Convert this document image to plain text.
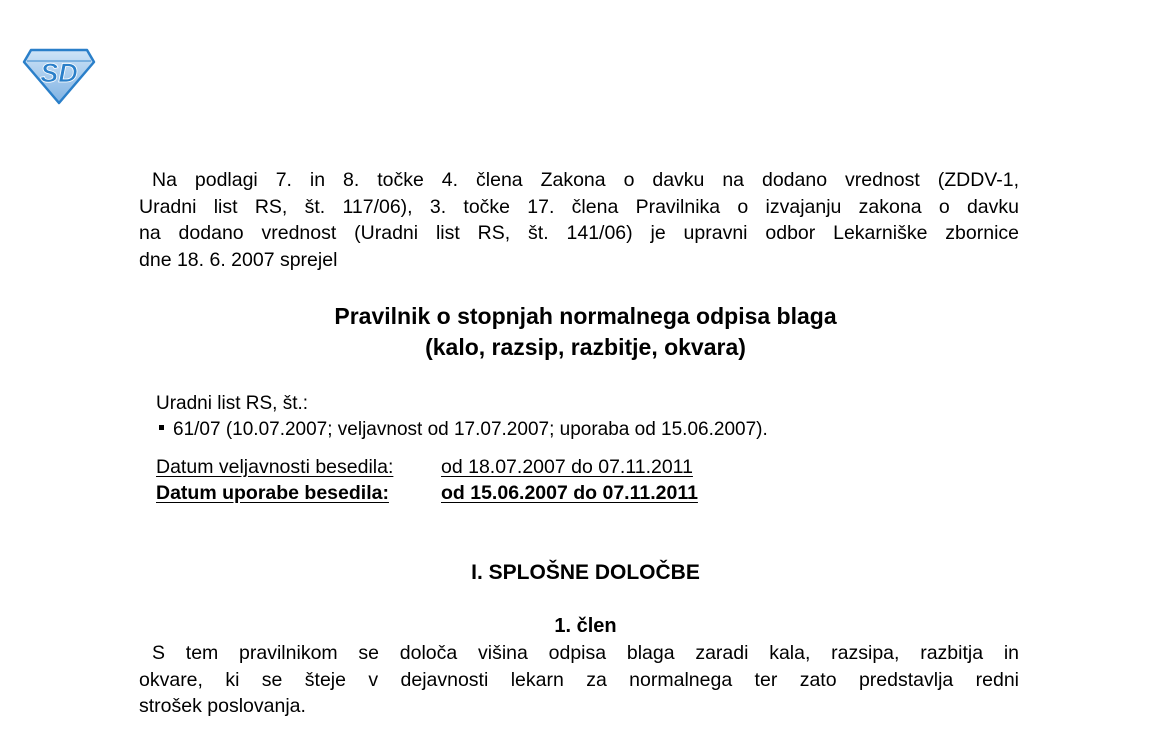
SD
Na podlagi 7. in 8. točke 4. člena Zakona o davku na dodano vrednost (ZDDV-1,
Uradni list RS, št. 117/06), 3. točke 17. člena Pravilnika o izvajanju zakona o davku
na dodano vrednost (Uradni list RS, št. 141/06) je upravni odbor Lekarniške zbornice
dne 18. 6. 2007 sprejel
Pravilnik o stopnjah normalnega odpisa blaga
(kalo, razsip, razbitje, okvara)
Uradni list RS, št.:
61/07 (10.07.2007; veljavnost od 17.07.2007; uporaba od 15.06.2007).
Datum veljavnosti besedila: od 18.07.2007 do 07.11.2011
Datum uporabe besedila:	od 15.06.2007 do 07.11.2011
I. SPLOŠNE DOLOČBE
1. člen
S tem pravilnikom se določa višina odpisa blaga zaradi kala, razsipa, razbitja in
okvare, ki se šteje v dejavnosti lekarn za normalnega ter zato predstavlja redni
strošek poslovanja.
